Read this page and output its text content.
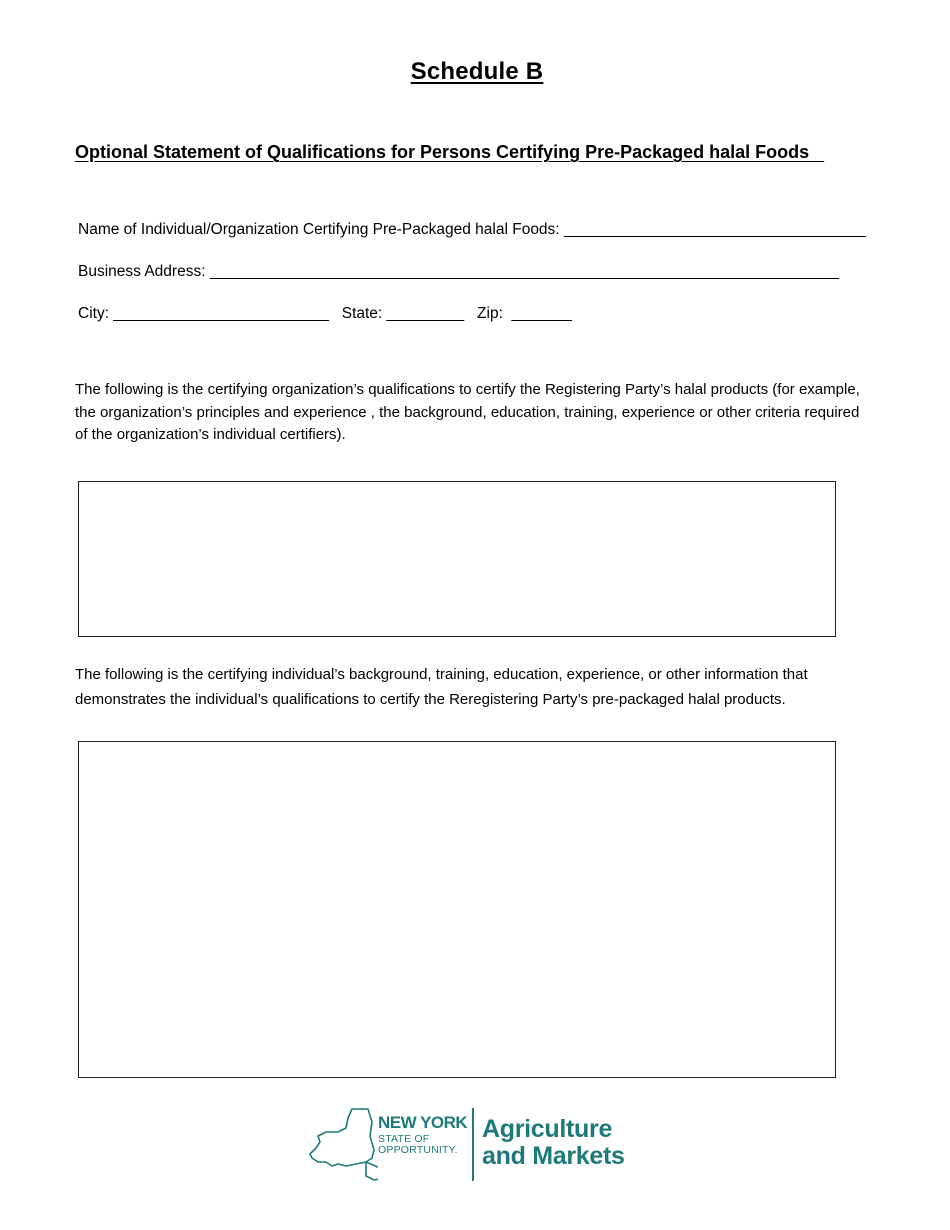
Schedule B
Optional Statement of Qualifications for Persons Certifying Pre-Packaged halal Foods
Name of Individual/Organization Certifying Pre-Packaged halal Foods: ___________________________________
Business Address: _________________________________________________________________________
City: _________________________   State: _________   Zip:  _______
The following is the certifying organization’s qualifications to certify the Registering Party’s halal products (for example, the organization’s principles and experience , the background, education, training, experience or other criteria required of the organization’s individual certifiers).
The following is the certifying individual’s background, training, education, experience, or other information that demonstrates the individual’s qualifications to certify the Reregistering Party’s pre-packaged halal products.
NEW YORK
STATE OF
OPPORTUNITY.
Agriculture
and Markets
